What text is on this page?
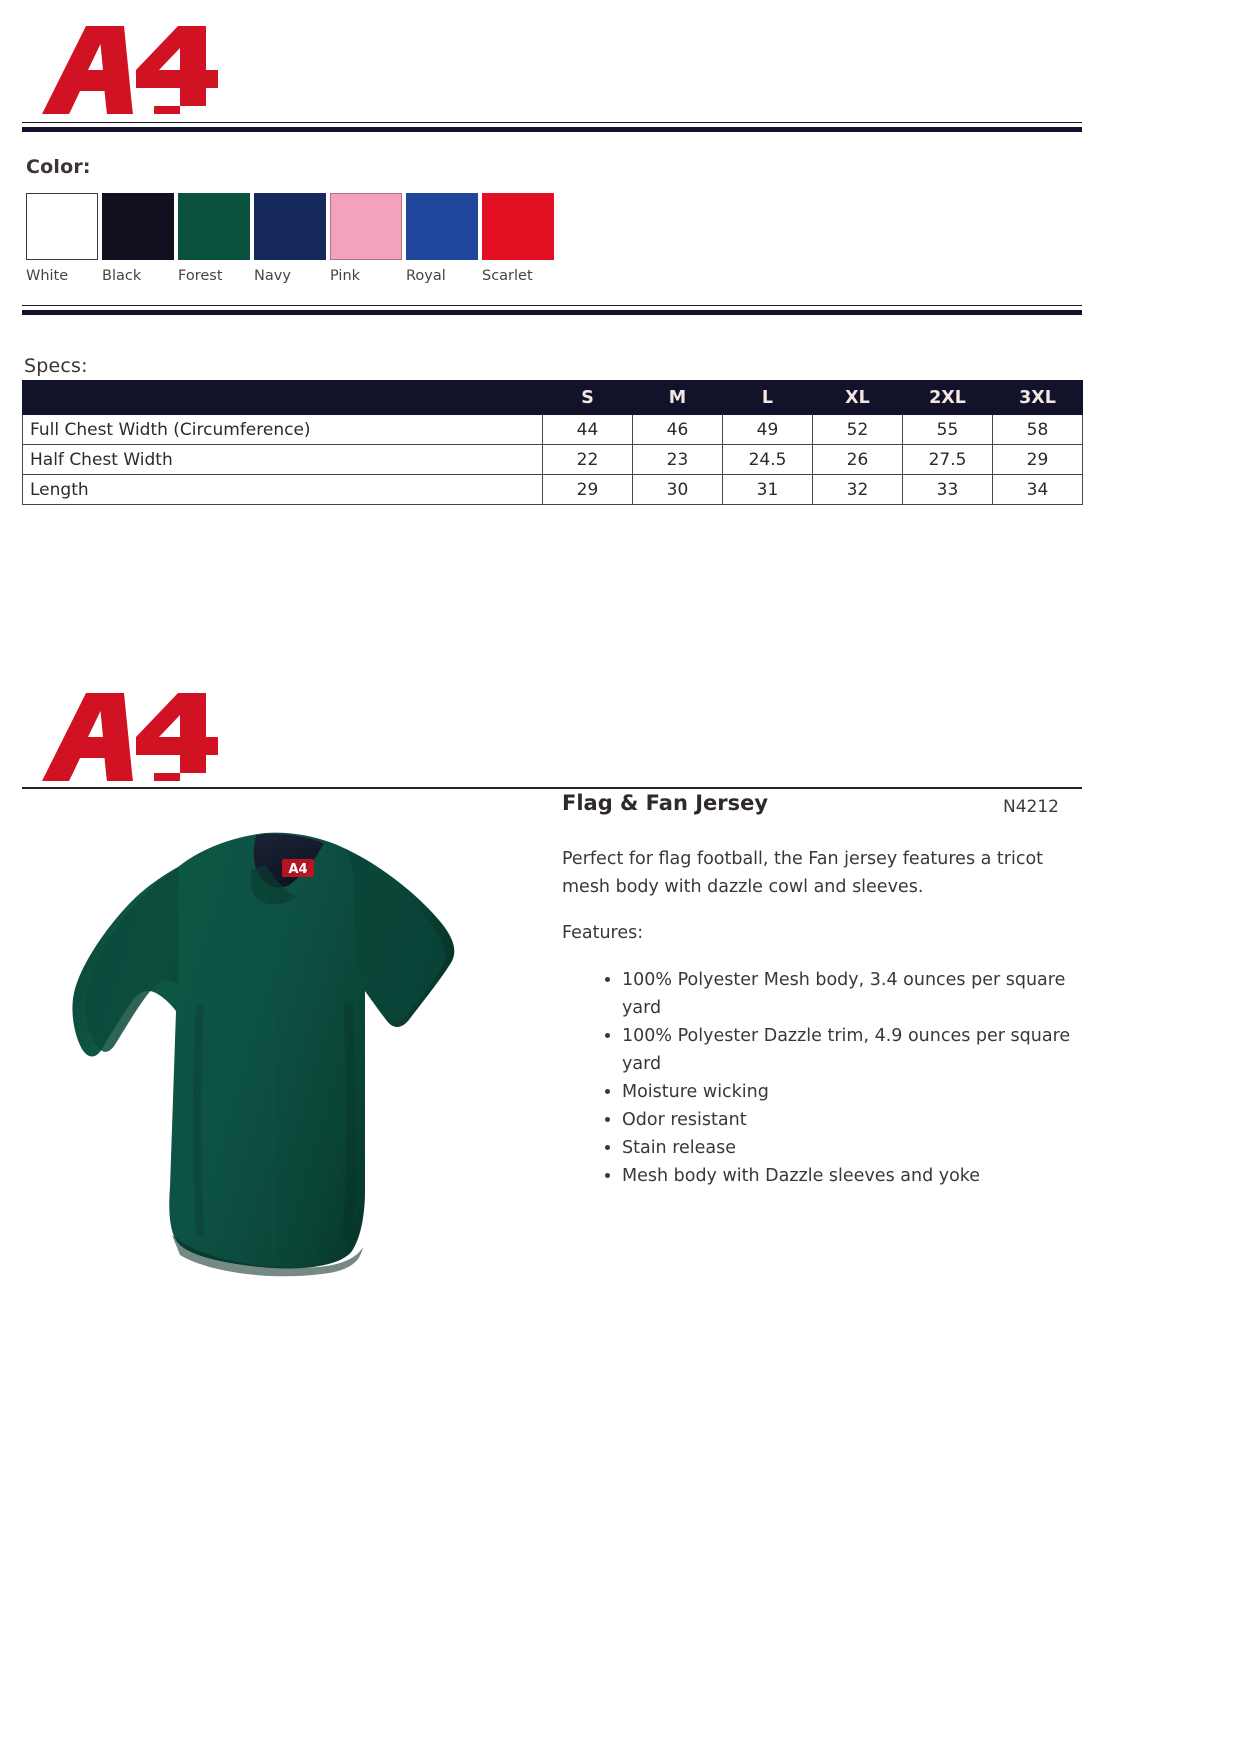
Color:
White	Black	Forest	Navy	Pink	Royal	Scarlet
Specs:
	S	M	L	XL	2XL	3XL
Full Chest Width (Circumference)	44	46	49	52	55	58
Half Chest Width	22	23	24.5	26	27.5	29
Length	29	30	31	32	33	34
Flag & Fan Jersey	N4212
Perfect for flag football, the Fan jersey features a tricot mesh body with dazzle cowl and sleeves.
Features:
• 100% Polyester Mesh body, 3.4 ounces per square yard
• 100% Polyester Dazzle trim, 4.9 ounces per square yard
• Moisture wicking
• Odor resistant
• Stain release
• Mesh body with Dazzle sleeves and yoke
A4
